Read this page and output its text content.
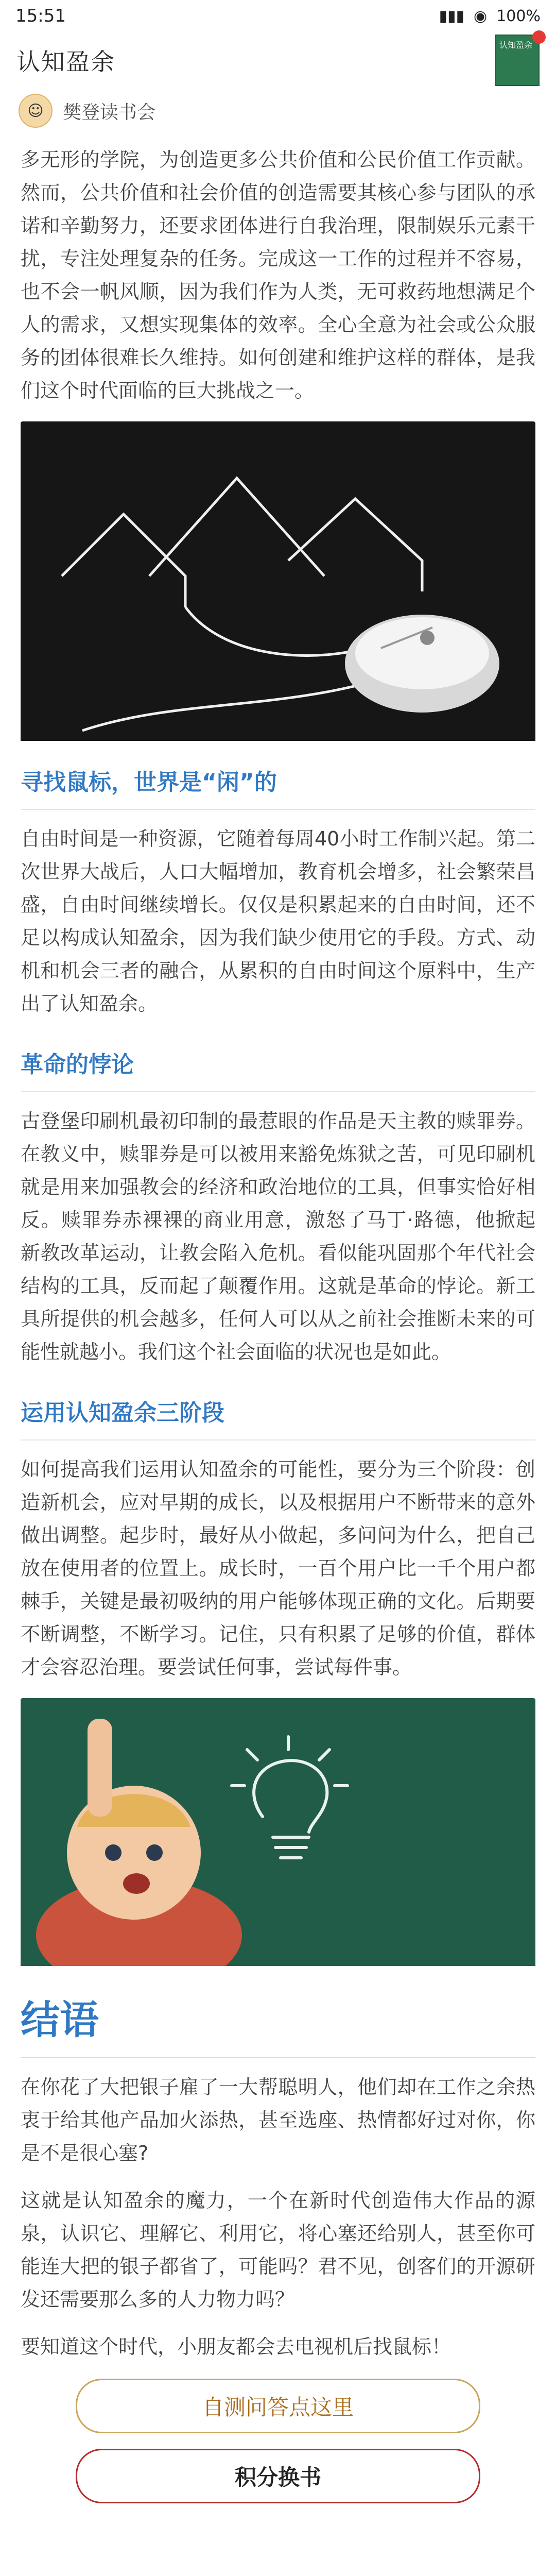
15:51	▮▮▮ ◉ 100%
认知盈余
认知盈余
☺	樊登读书会

多无形的学院，为创造更多公共价值和公民价值工作贡献。然而，公共价值和社会价值的创造需要其核心参与团队的承诺和辛勤努力，还要求团体进行自我治理，限制娱乐元素干扰，专注处理复杂的任务。完成这一工作的过程并不容易，也不会一帆风顺，因为我们作为人类，无可救药地想满足个人的需求，又想实现集体的效率。全心全意为社会或公众服务的团体很难长久维持。如何创建和维护这样的群体，是我们这个时代面临的巨大挑战之一。

寻找鼠标，世界是“闲”的

自由时间是一种资源，它随着每周40小时工作制兴起。第二次世界大战后，人口大幅增加，教育机会增多，社会繁荣昌盛，自由时间继续增长。仅仅是积累起来的自由时间，还不足以构成认知盈余，因为我们缺少使用它的手段。方式、动机和机会三者的融合，从累积的自由时间这个原料中，生产出了认知盈余。

革命的悖论

古登堡印刷机最初印制的最惹眼的作品是天主教的赎罪券。在教义中，赎罪券是可以被用来豁免炼狱之苦，可见印刷机就是用来加强教会的经济和政治地位的工具，但事实恰好相反。赎罪券赤裸裸的商业用意，激怒了马丁·路德，他掀起新教改革运动，让教会陷入危机。看似能巩固那个年代社会结构的工具，反而起了颠覆作用。这就是革命的悖论。新工具所提供的机会越多，任何人可以从之前社会推断未来的可能性就越小。我们这个社会面临的状况也是如此。

运用认知盈余三阶段

如何提高我们运用认知盈余的可能性，要分为三个阶段：创造新机会，应对早期的成长，以及根据用户不断带来的意外做出调整。起步时，最好从小做起，多问问为什么，把自己放在使用者的位置上。成长时，一百个用户比一千个用户都棘手，关键是最初吸纳的用户能够体现正确的文化。后期要不断调整，不断学习。记住，只有积累了足够的价值，群体才会容忍治理。要尝试任何事，尝试每件事。

结语

在你花了大把银子雇了一大帮聪明人，他们却在工作之余热衷于给其他产品加火添热，甚至选座、热情都好过对你，你是不是很心塞?

这就是认知盈余的魔力，一个在新时代创造伟大作品的源泉，认识它、理解它、利用它，将心塞还给别人，甚至你可能连大把的银子都省了，可能吗？君不见，创客们的开源研发还需要那么多的人力物力吗？

要知道这个时代，小朋友都会去电视机后找鼠标！

自测问答点这里
积分换书
